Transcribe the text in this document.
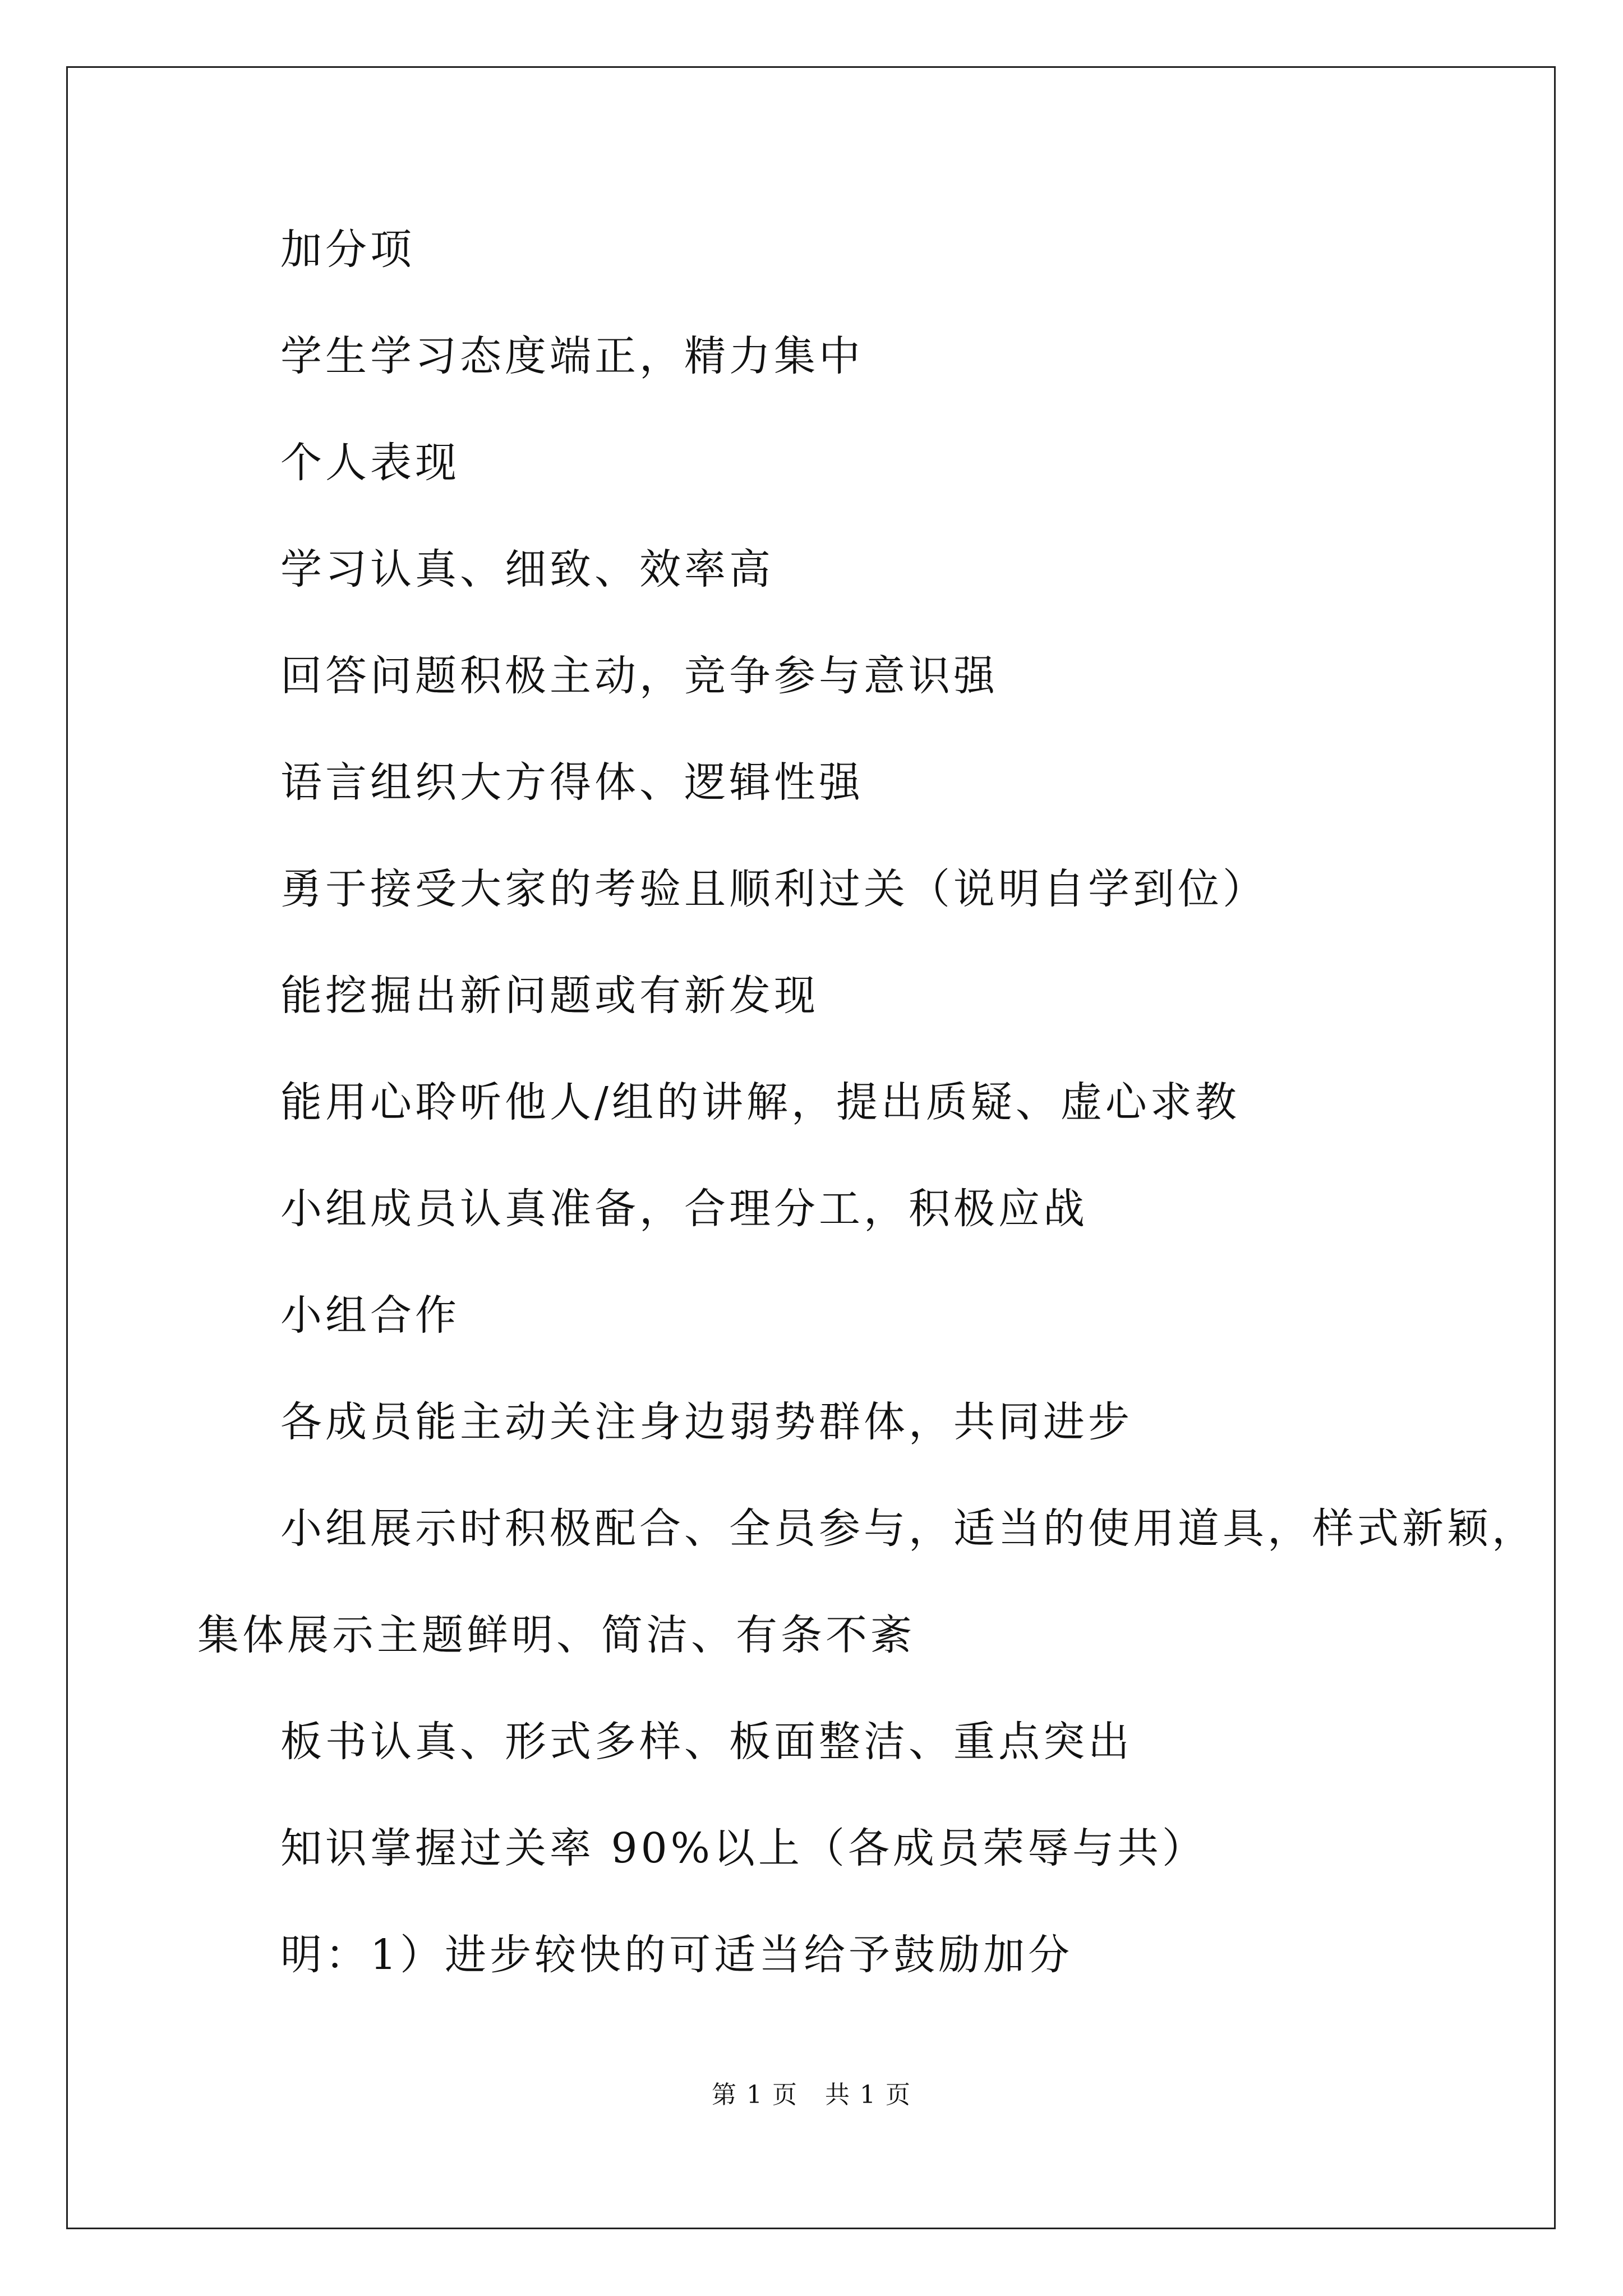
加分项
学生学习态度端正，精力集中
个人表现
学习认真、细致、效率高
回答问题积极主动，竞争参与意识强
语言组织大方得体、逻辑性强
勇于接受大家的考验且顺利过关（说明自学到位）
能挖掘出新问题或有新发现
能用心聆听他人/组的讲解，提出质疑、虚心求教
小组成员认真准备，合理分工，积极应战
小组合作
各成员能主动关注身边弱势群体，共同进步
小组展示时积极配合、全员参与，适当的使用道具，样式新颖，
集体展示主题鲜明、简洁、有条不紊
板书认真、形式多样、板面整洁、重点突出
知识掌握过关率 90%以上（各成员荣辱与共）
明：1）进步较快的可适当给予鼓励加分
第 1 页   共 1 页
